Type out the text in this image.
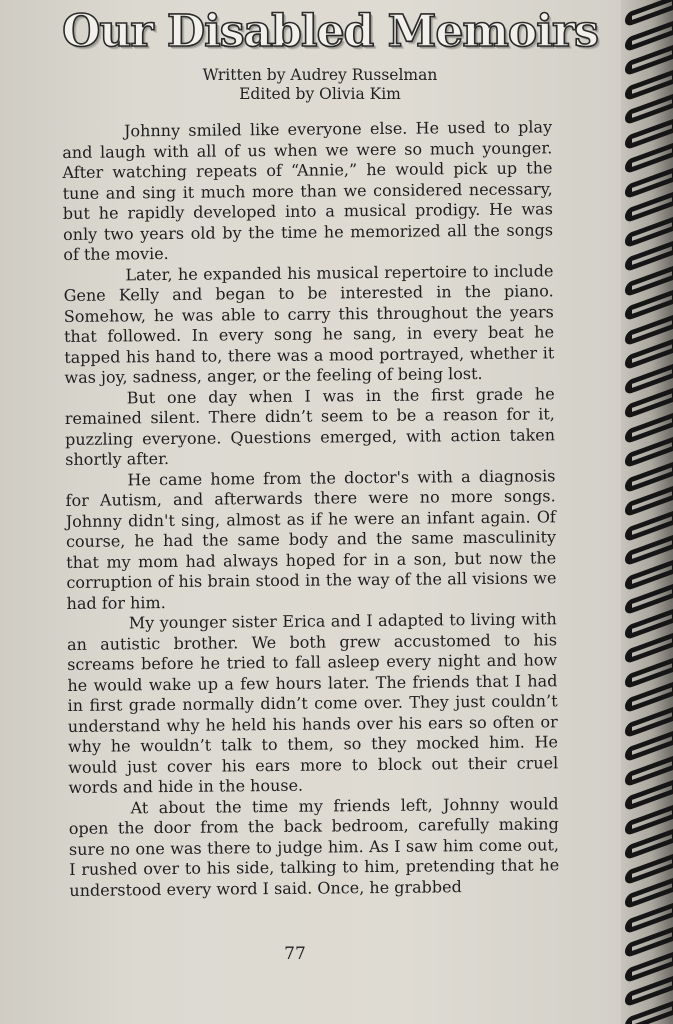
Our Disabled Memoirs
Written by Audrey Russelman
Edited by Olivia Kim

Johnny smiled like everyone else. He used to play and laugh with all of us when we were so much younger. After watching repeats of “Annie,” he would pick up the tune and sing it much more than we considered necessary, but he rapidly developed into a musical prodigy. He was only two years old by the time he memorized all the songs of the movie.

Later, he expanded his musical repertoire to include Gene Kelly and began to be interested in the piano. Somehow, he was able to carry this throughout the years that followed. In every song he sang, in every beat he tapped his hand to, there was a mood portrayed, whether it was joy, sadness, anger, or the feeling of being lost.

But one day when I was in the first grade he remained silent. There didn’t seem to be a reason for it, puzzling everyone. Questions emerged, with action taken shortly after.

He came home from the doctor's with a diagnosis for Autism, and afterwards there were no more songs. Johnny didn't sing, almost as if he were an infant again. Of course, he had the same body and the same masculinity that my mom had always hoped for in a son, but now the corruption of his brain stood in the way of the all visions we had for him.

My younger sister Erica and I adapted to living with an autistic brother. We both grew accustomed to his screams before he tried to fall asleep every night and how he would wake up a few hours later. The friends that I had in first grade normally didn’t come over. They just couldn’t understand why he held his hands over his ears so often or why he wouldn’t talk to them, so they mocked him. He would just cover his ears more to block out their cruel words and hide in the house.

At about the time my friends left, Johnny would open the door from the back bedroom, carefully making sure no one was there to judge him. As I saw him come out, I rushed over to his side, talking to him, pretending that he understood every word I said. Once, he grabbed

77
